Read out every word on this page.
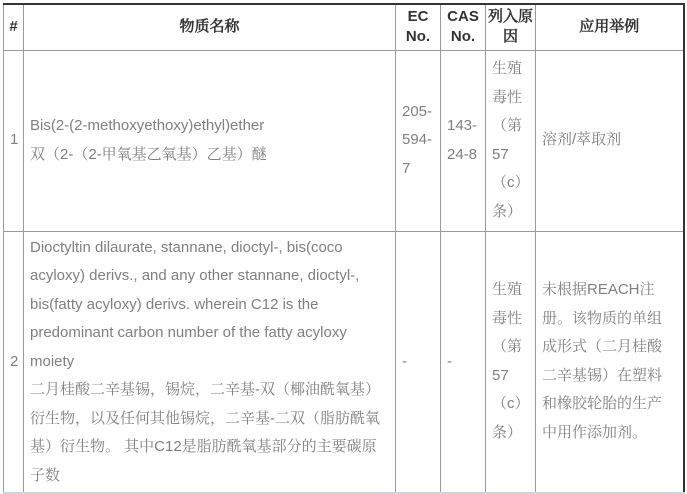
#	物质名称	EC No.	CAS No.	列入原因	应用举例
1	Bis(2-(2-methoxyethoxy)ethyl)ether
双（2-（2-甲氧基乙氧基）乙基）醚	205-594-7	143-24-8	生殖毒性（第57（c）条）	溶剂/萃取剂
2	Dioctyltin dilaurate, stannane, dioctyl-, bis(coco acyloxy) derivs., and any other stannane, dioctyl-, bis(fatty acyloxy) derivs. wherein C12 is the predominant carbon number of the fatty acyloxy moiety
二月桂酸二辛基锡，锡烷，二辛基-双（椰油酰氧基）衍生物，以及任何其他锡烷，二辛基-二双（脂肪酰氧基）衍生物。 其中C12是脂肪酰氧基部分的主要碳原子数	-	-	生殖毒性（第57（c）条）	未根据REACH注册。该物质的单组成形式（二月桂酸二辛基锡）在塑料和橡胶轮胎的生产中用作添加剂。
